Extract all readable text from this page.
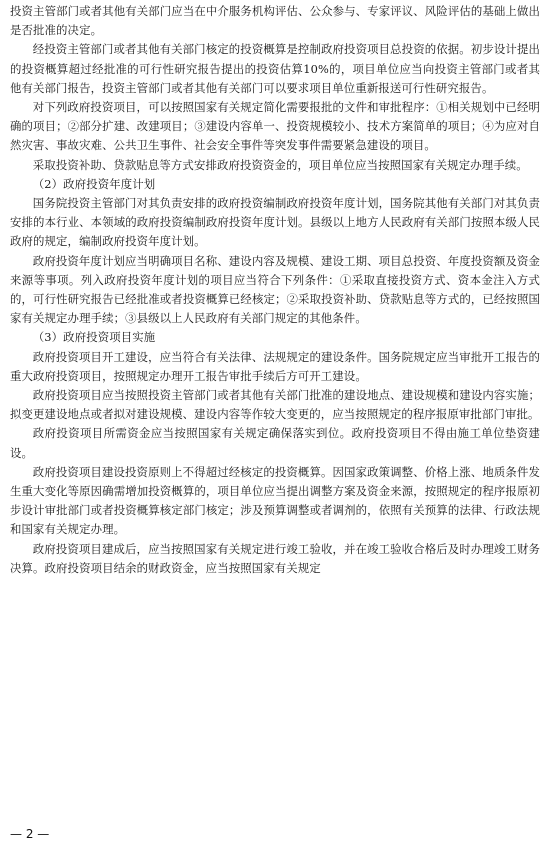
投资主管部门或者其他有关部门应当在中介服务机构评估、公众参与、专家评议、风险评估的基础上做出是否批准的决定。

经投资主管部门或者其他有关部门核定的投资概算是控制政府投资项目总投资的依据。初步设计提出的投资概算超过经批准的可行性研究报告提出的投资估算10%的，项目单位应当向投资主管部门或者其他有关部门报告，投资主管部门或者其他有关部门可以要求项目单位重新报送可行性研究报告。

对下列政府投资项目，可以按照国家有关规定简化需要报批的文件和审批程序：①相关规划中已经明确的项目；②部分扩建、改建项目；③建设内容单一、投资规模较小、技术方案简单的项目；④为应对自然灾害、事故灾难、公共卫生事件、社会安全事件等突发事件需要紧急建设的项目。

采取投资补助、贷款贴息等方式安排政府投资资金的，项目单位应当按照国家有关规定办理手续。

（2）政府投资年度计划

国务院投资主管部门对其负责安排的政府投资编制政府投资年度计划，国务院其他有关部门对其负责安排的本行业、本领域的政府投资编制政府投资年度计划。县级以上地方人民政府有关部门按照本级人民政府的规定，编制政府投资年度计划。

政府投资年度计划应当明确项目名称、建设内容及规模、建设工期、项目总投资、年度投资额及资金来源等事项。列入政府投资年度计划的项目应当符合下列条件：①采取直接投资方式、资本金注入方式的，可行性研究报告已经批准或者投资概算已经核定；②采取投资补助、贷款贴息等方式的，已经按照国家有关规定办理手续；③县级以上人民政府有关部门规定的其他条件。

（3）政府投资项目实施

政府投资项目开工建设，应当符合有关法律、法规规定的建设条件。国务院规定应当审批开工报告的重大政府投资项目，按照规定办理开工报告审批手续后方可开工建设。

政府投资项目应当按照投资主管部门或者其他有关部门批准的建设地点、建设规模和建设内容实施；拟变更建设地点或者拟对建设规模、建设内容等作较大变更的，应当按照规定的程序报原审批部门审批。

政府投资项目所需资金应当按照国家有关规定确保落实到位。政府投资项目不得由施工单位垫资建设。

政府投资项目建设投资原则上不得超过经核定的投资概算。因国家政策调整、价格上涨、地质条件发生重大变化等原因确需增加投资概算的，项目单位应当提出调整方案及资金来源，按照规定的程序报原初步设计审批部门或者投资概算核定部门核定；涉及预算调整或者调剂的，依照有关预算的法律、行政法规和国家有关规定办理。

政府投资项目建成后，应当按照国家有关规定进行竣工验收，并在竣工验收合格后及时办理竣工财务决算。政府投资项目结余的财政资金，应当按照国家有关规定

— 2 —
